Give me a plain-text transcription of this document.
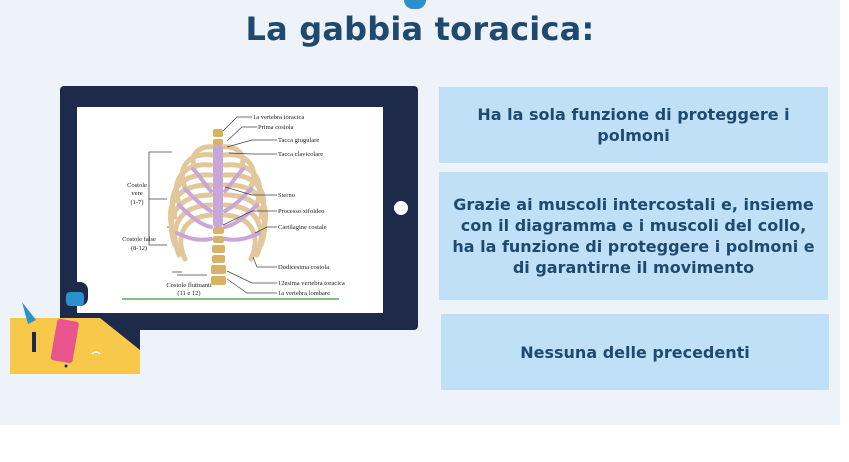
La gabbia toracica:
1a vertebra toracica
Prima costola
Tacca giugulare
Tacca clavicolare
Sterno
Processo xifoideo
Cartilagine costale
Dodicesima costola
12esima vertebra toracica
1a vertebra lombare
Costole
vere
(1-7)
Costole false
(8-12)
Costole fluttuanti
(11 e 12)
Ha la sola funzione di proteggere i polmoni
Grazie ai muscoli intercostali e, insieme con il diagramma e i muscoli del collo, ha la funzione di proteggere i polmoni e di garantirne il movimento
Nessuna delle precedenti
